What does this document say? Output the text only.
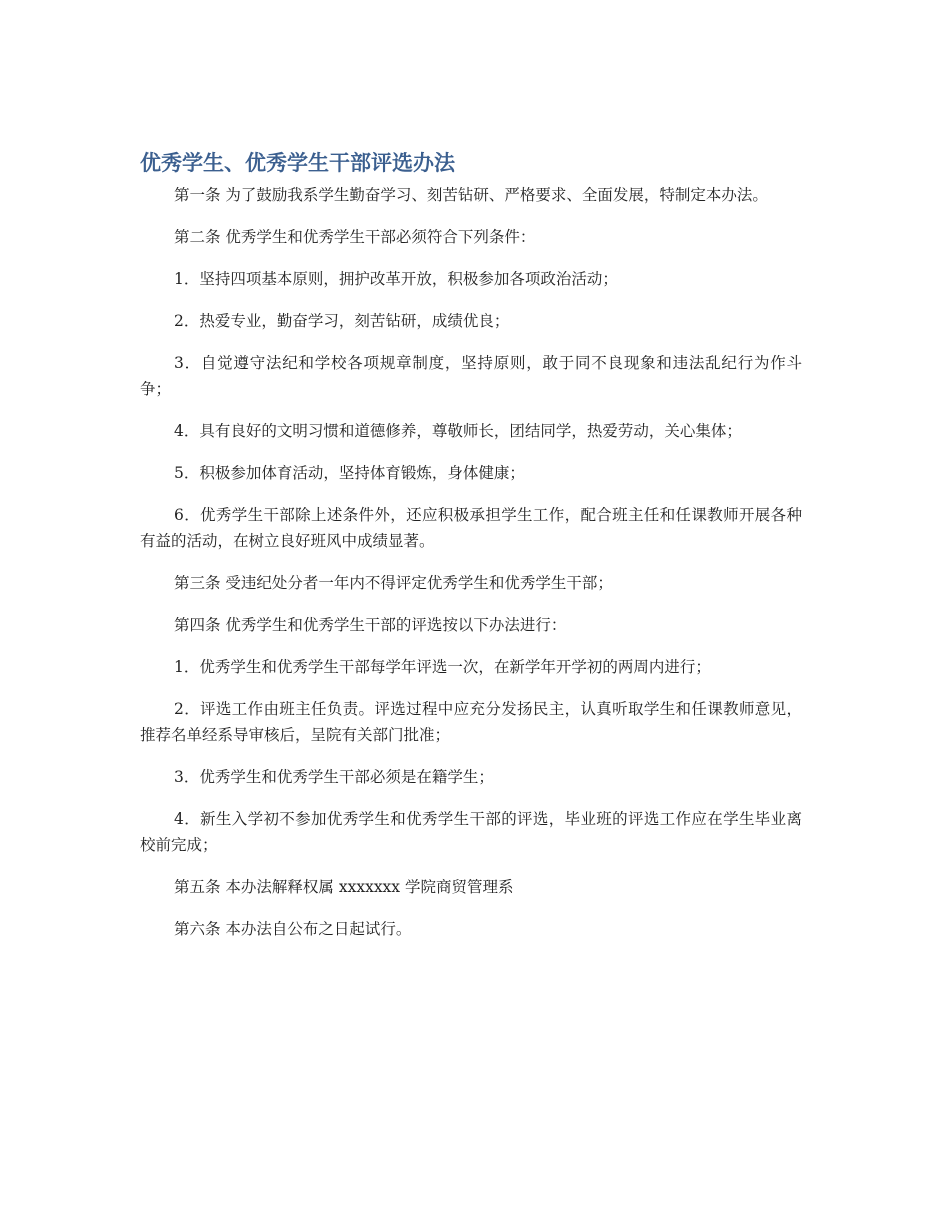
优秀学生、优秀学生干部评选办法

第一条 为了鼓励我系学生勤奋学习、刻苦钻研、严格要求、全面发展，特制定本办法。

第二条 优秀学生和优秀学生干部必须符合下列条件：

1．坚持四项基本原则，拥护改革开放，积极参加各项政治活动；

2．热爱专业，勤奋学习，刻苦钻研，成绩优良；

3．自觉遵守法纪和学校各项规章制度，坚持原则，敢于同不良现象和违法乱纪行为作斗争；

4．具有良好的文明习惯和道德修养，尊敬师长，团结同学，热爱劳动，关心集体；

5．积极参加体育活动，坚持体育锻炼，身体健康；

6．优秀学生干部除上述条件外，还应积极承担学生工作，配合班主任和任课教师开展各种有益的活动，在树立良好班风中成绩显著。

第三条 受违纪处分者一年内不得评定优秀学生和优秀学生干部；

第四条 优秀学生和优秀学生干部的评选按以下办法进行：

1．优秀学生和优秀学生干部每学年评选一次，在新学年开学初的两周内进行；

2．评选工作由班主任负责。评选过程中应充分发扬民主，认真听取学生和任课教师意见，推荐名单经系导审核后，呈院有关部门批准；

3．优秀学生和优秀学生干部必须是在籍学生；

4．新生入学初不参加优秀学生和优秀学生干部的评选，毕业班的评选工作应在学生毕业离校前完成；

第五条 本办法解释权属 xxxxxxx 学院商贸管理系

第六条 本办法自公布之日起试行。
